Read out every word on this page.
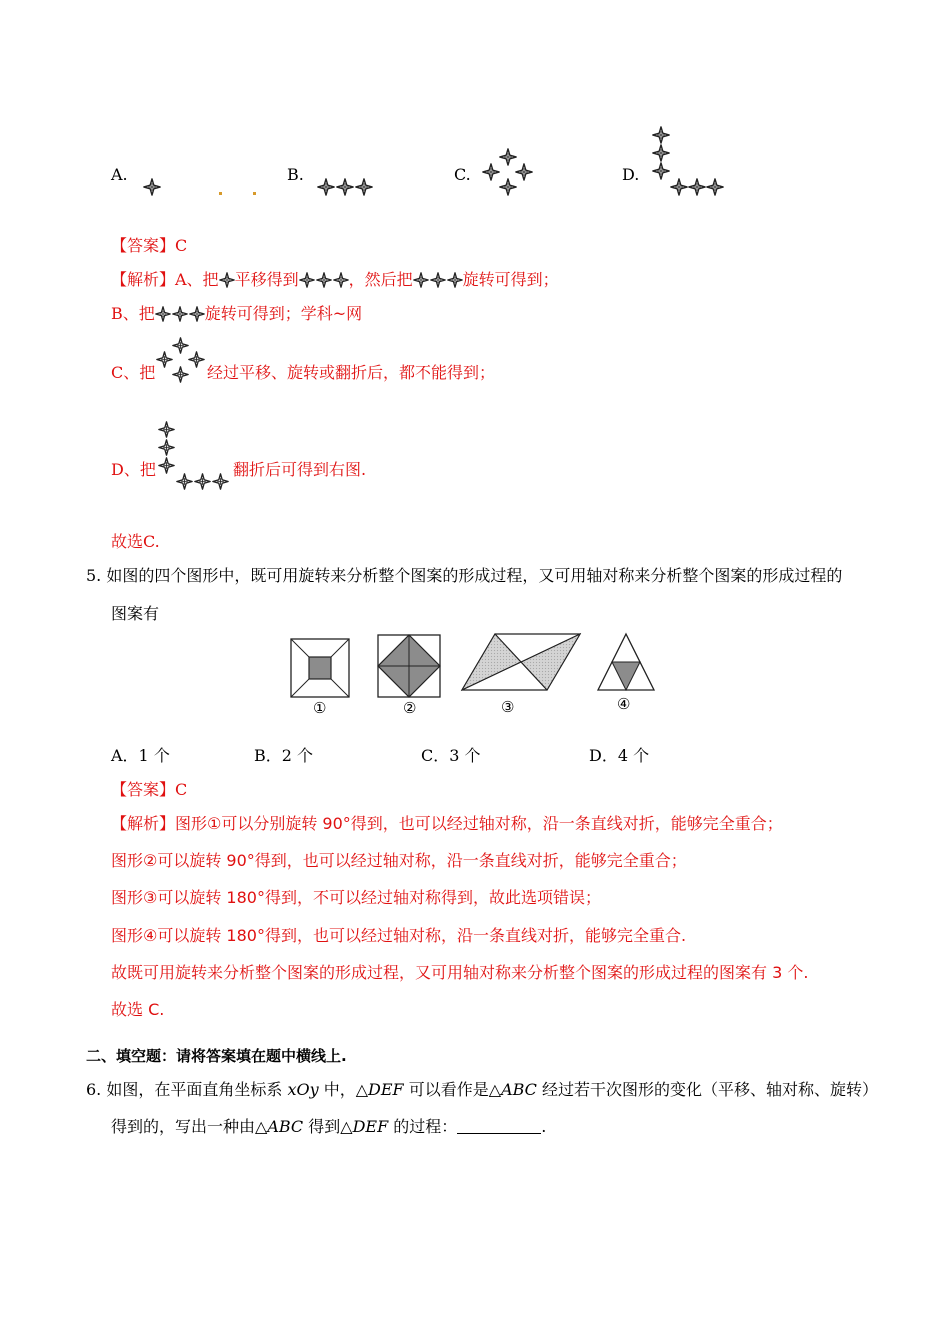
A.	B.	C.	D.
【答案】C
【解析】A、把 平移得到	，然后把	旋转可得到；
B、把	旋转可得到；学科~网
C、把	经过平移、旋转或翻折后，都不能得到；
D、把	翻折后可得到右图.
故选C.
5. 如图的四个图形中，既可用旋转来分析整个图案的形成过程，又可用轴对称来分析整个图案的形成过程的
图案有
①	②	③	④
A．1 个	B．2 个	C．3 个	D．4 个
【答案】C
【解析】图形①可以分别旋转 90°得到，也可以经过轴对称，沿一条直线对折，能够完全重合；
图形②可以旋转 90°得到，也可以经过轴对称，沿一条直线对折，能够完全重合；
图形③可以旋转 180°得到，不可以经过轴对称得到，故此选项错误；
图形④可以旋转 180°得到，也可以经过轴对称，沿一条直线对折，能够完全重合.
故既可用旋转来分析整个图案的形成过程，又可用轴对称来分析整个图案的形成过程的图案有 3 个.
故选 C.
二、填空题：请将答案填在题中横线上.
6. 如图，在平面直角坐标系 xOy 中，△DEF 可以看作是△ABC 经过若干次图形的变化（平移、轴对称、旋转）
得到的，写出一种由△ABC 得到△DEF 的过程：	.
